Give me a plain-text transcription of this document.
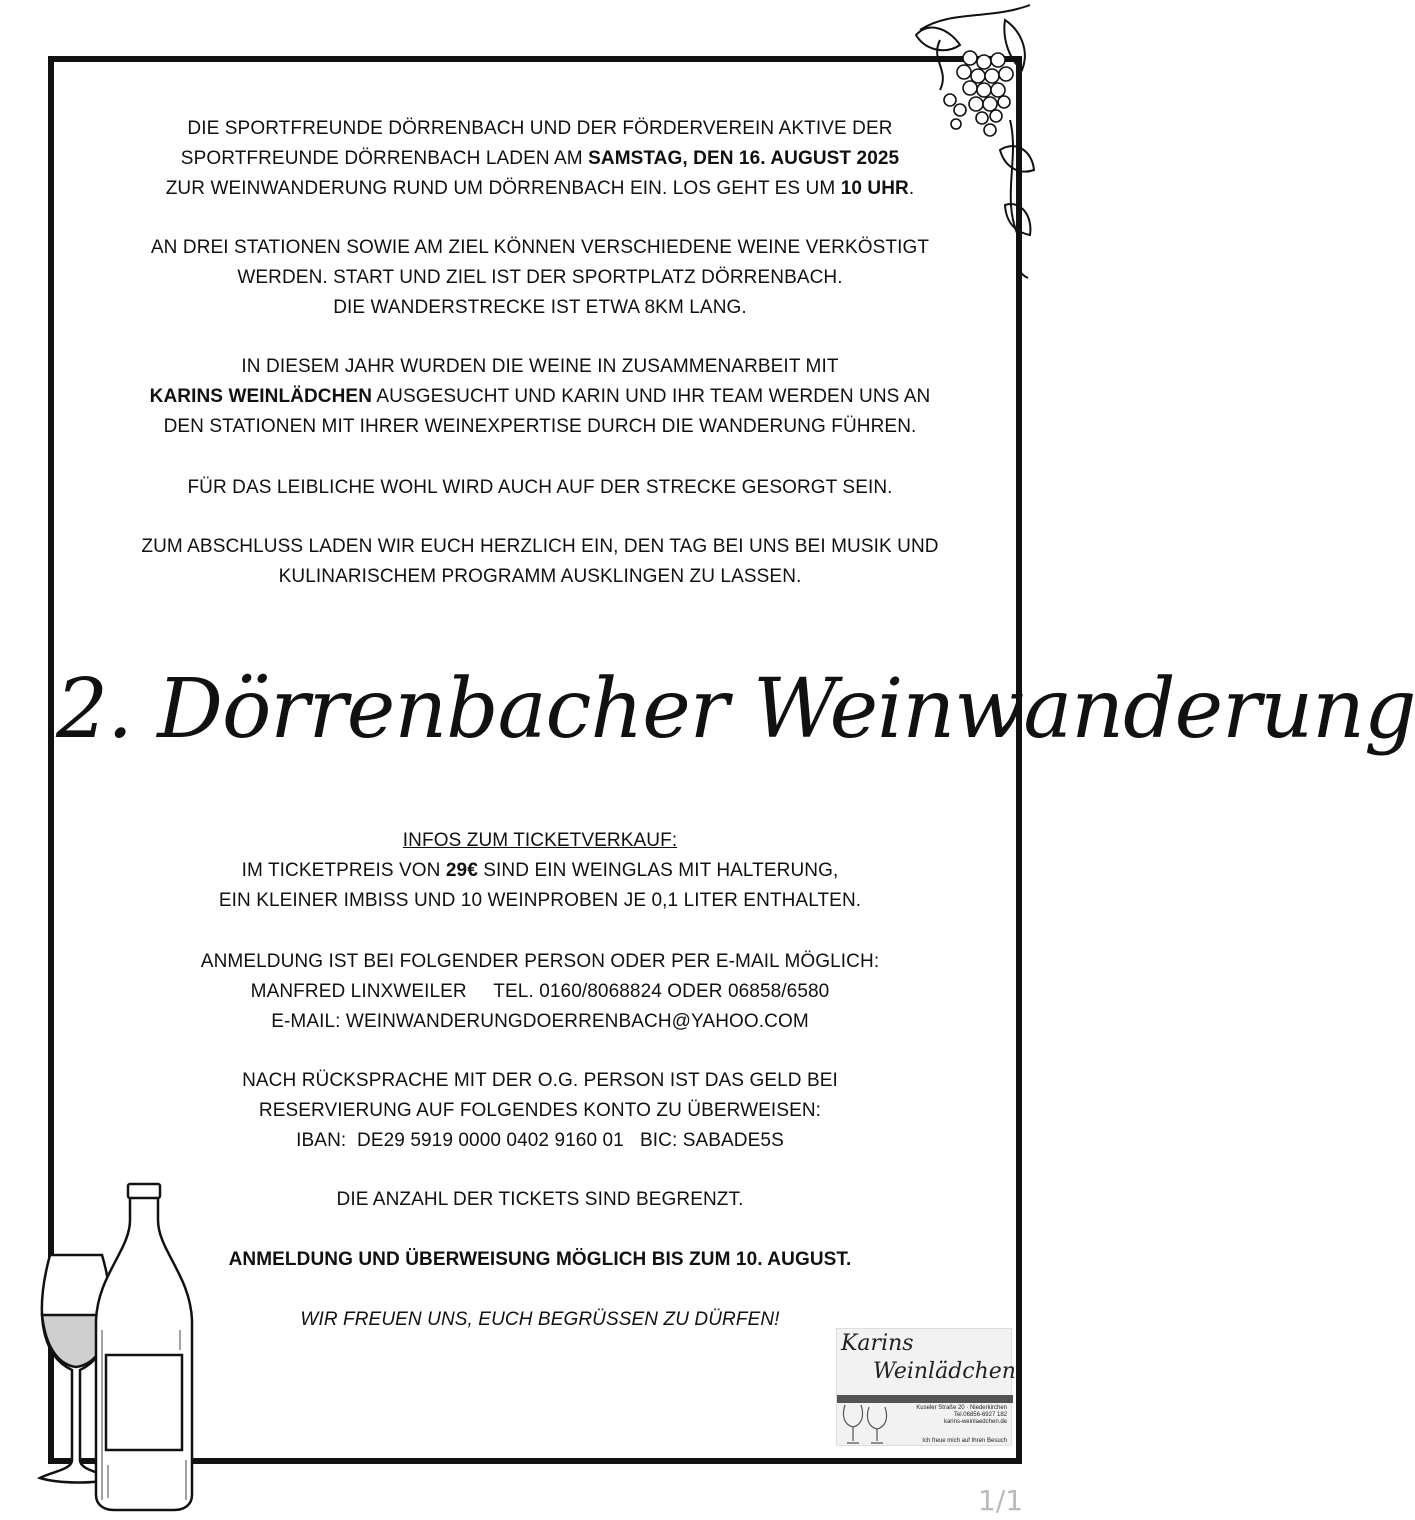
DIE SPORTFREUNDE DÖRRENBACH UND DER FÖRDERVEREIN AKTIVE DER

SPORTFREUNDE DÖRRENBACH LADEN AM SAMSTAG, DEN 16. AUGUST 2025

ZUR WEINWANDERUNG RUND UM DÖRRENBACH EIN. LOS GEHT ES UM 10 UHR.

AN DREI STATIONEN SOWIE AM ZIEL KÖNNEN VERSCHIEDENE WEINE VERKÖSTIGT

WERDEN. START UND ZIEL IST DER SPORTPLATZ DÖRRENBACH.

DIE WANDERSTRECKE IST ETWA 8KM LANG.

IN DIESEM JAHR WURDEN DIE WEINE IN ZUSAMMENARBEIT MIT

KARINS WEINLÄDCHEN AUSGESUCHT UND KARIN UND IHR TEAM WERDEN UNS AN

DEN STATIONEN MIT IHRER WEINEXPERTISE DURCH DIE WANDERUNG FÜHREN.

FÜR DAS LEIBLICHE WOHL WIRD AUCH AUF DER STRECKE GESORGT SEIN.

ZUM ABSCHLUSS LADEN WIR EUCH HERZLICH EIN, DEN TAG BEI UNS BEI MUSIK UND

KULINARISCHEM PROGRAMM AUSKLINGEN ZU LASSEN.

2. Dörrenbacher Weinwanderung

INFOS ZUM TICKETVERKAUF:

IM TICKETPREIS VON 29€ SIND EIN WEINGLAS MIT HALTERUNG,

EIN KLEINER IMBISS UND 10 WEINPROBEN JE 0,1 LITER ENTHALTEN.

ANMELDUNG IST BEI FOLGENDER PERSON ODER PER E-MAIL MÖGLICH:

MANFRED LINXWEILER     TEL. 0160/8068824 ODER 06858/6580

E-MAIL: WEINWANDERUNGDOERRENBACH@YAHOO.COM

NACH RÜCKSPRACHE MIT DER O.G. PERSON IST DAS GELD BEI

RESERVIERUNG AUF FOLGENDES KONTO ZU ÜBERWEISEN:

IBAN:  DE29 5919 0000 0402 9160 01   BIC: SABADE5S

DIE ANZAHL DER TICKETS SIND BEGRENZT.

ANMELDUNG UND ÜBERWEISUNG MÖGLICH BIS ZUM 10. AUGUST.

WIR FREUEN UNS, EUCH BEGRÜSSEN ZU DÜRFEN!

Karins
Weinlädchen
Kuseler Straße 20 · Niederkirchen
Tel.06856-6927 182
karins-weinlaedchen.de
Ich freue mich auf Ihren Besuch
1/1
